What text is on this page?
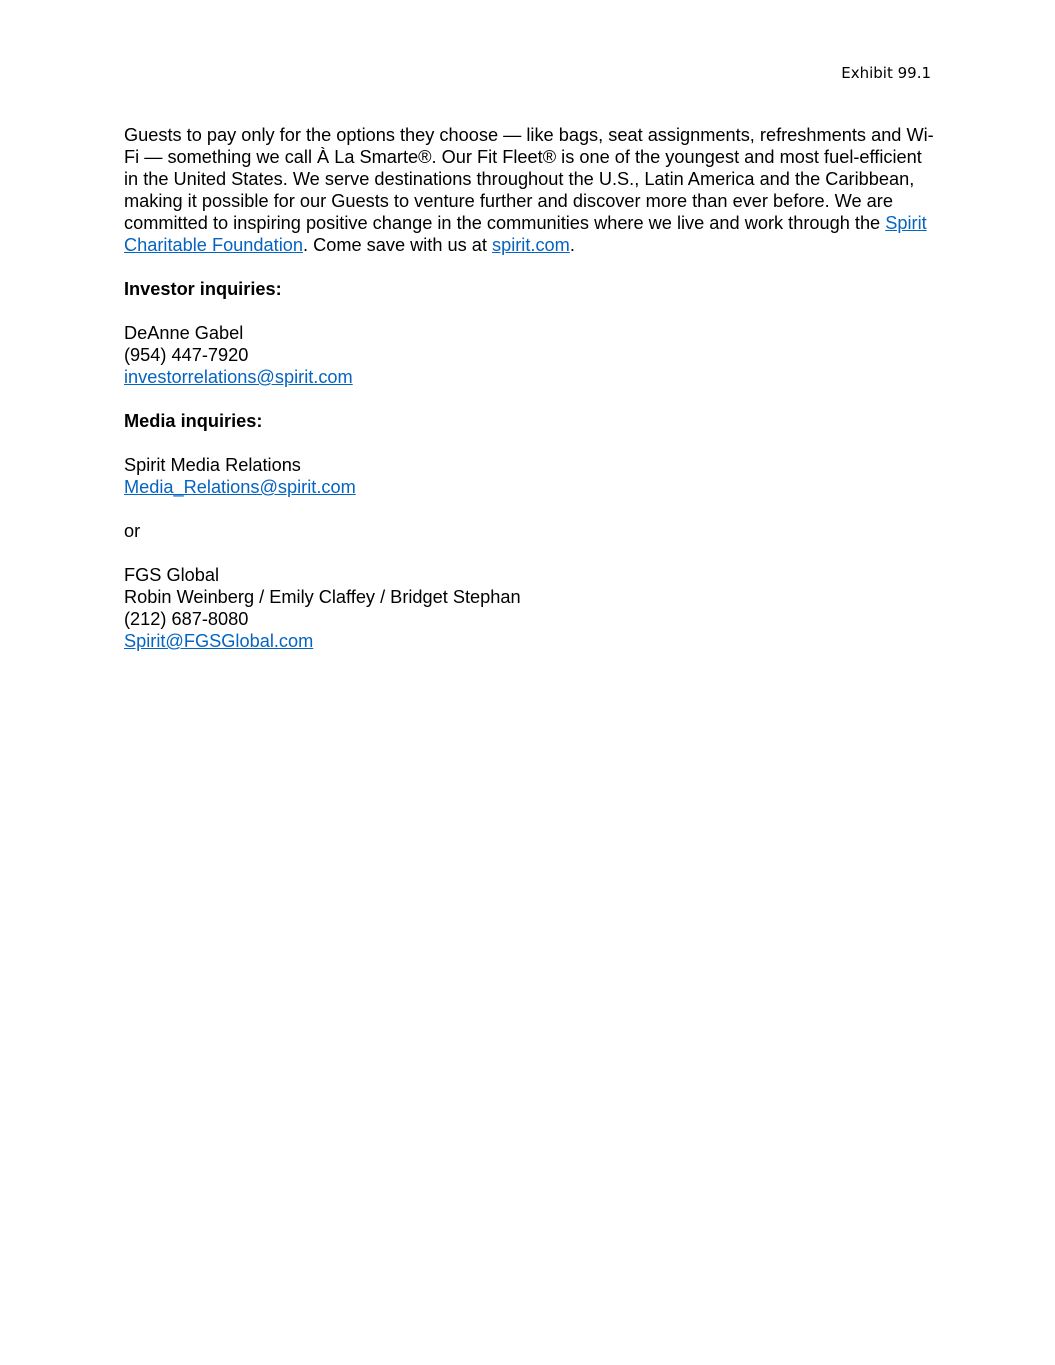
Exhibit 99.1

Guests to pay only for the options they choose — like bags, seat assignments, refreshments and Wi-Fi — something we call À La Smarte®. Our Fit Fleet® is one of the youngest and most fuel-efficient in the United States. We serve destinations throughout the U.S., Latin America and the Caribbean, making it possible for our Guests to venture further and discover more than ever before. We are committed to inspiring positive change in the communities where we live and work through the Spirit Charitable Foundation. Come save with us at spirit.com.

Investor inquiries:
DeAnne Gabel
(954) 447-7920
investorrelations@spirit.com
Media inquiries:
Spirit Media Relations
Media_Relations@spirit.com
or
FGS Global
Robin Weinberg / Emily Claffey / Bridget Stephan
(212) 687-8080
Spirit@FGSGlobal.com
